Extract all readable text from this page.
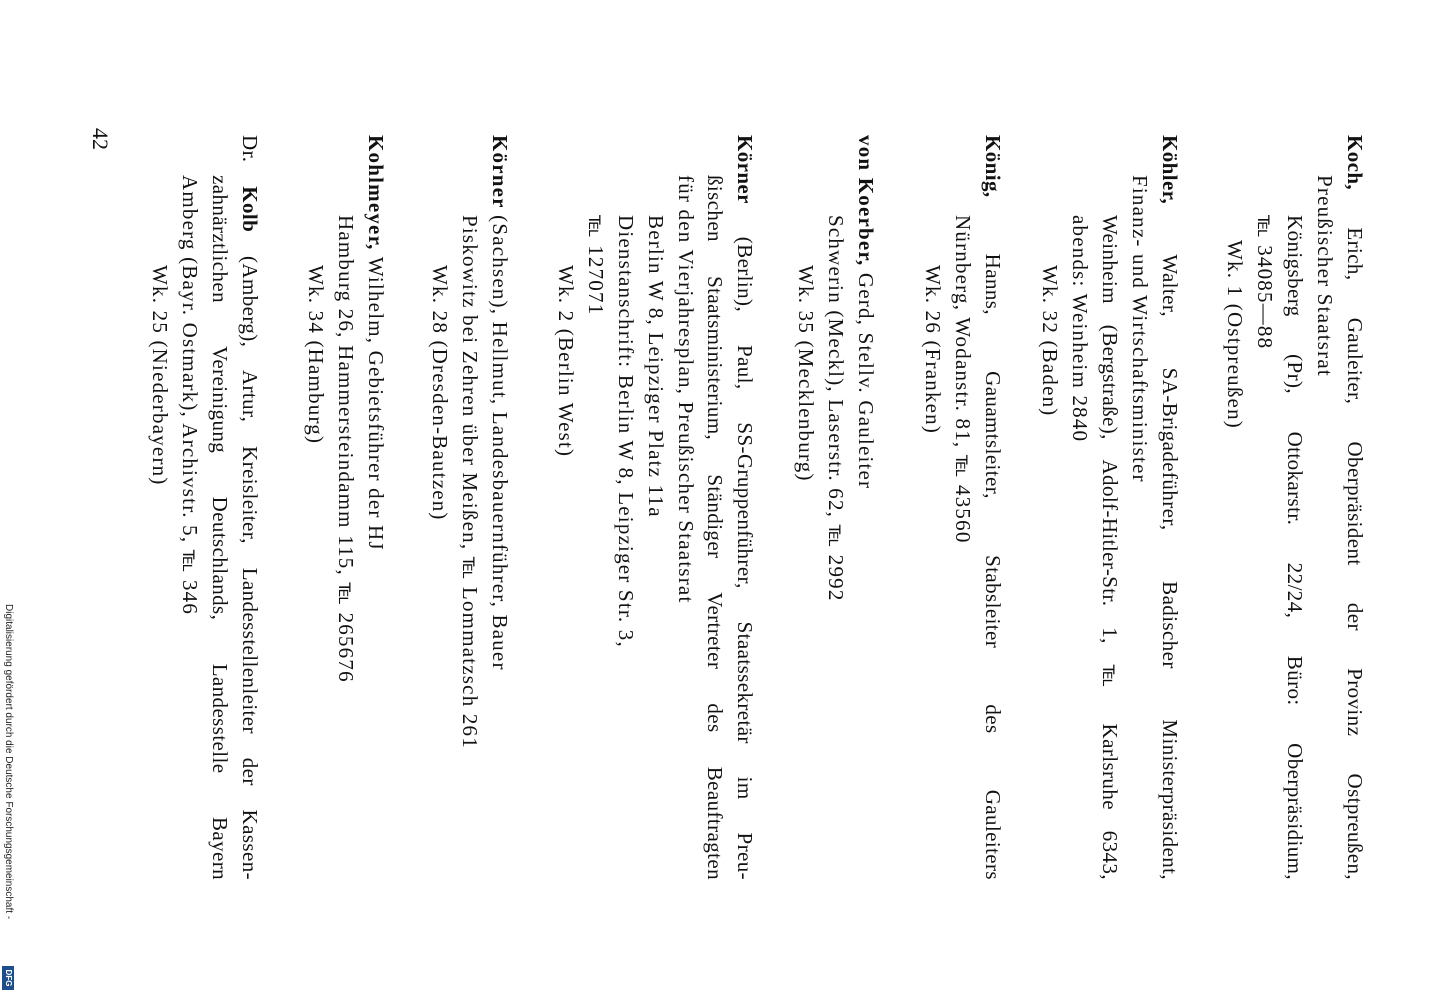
Koch, Erich, Gauleiter, Oberpräsident der Provinz Ostpreußen,
Preußischer Staatsrat
Königsberg (Pr), Ottokarstr. 22/24, Büro: Oberpräsidium,
℡ 34085—88
Wk. 1 (Ostpreußen)
Köhler, Walter, SA-Brigadeführer, Badischer Ministerpräsident,
Finanz- und Wirtschaftsminister
Weinheim (Bergstraße), Adolf-Hitler-Str. 1, ℡ Karlsruhe 6343,
abends: Weinheim 2840
Wk. 32 (Baden)
König, Hanns, Gauamtsleiter, Stabsleiter des Gauleiters
Nürnberg, Wodanstr. 81, ℡ 43560
Wk. 26 (Franken)
von Koerber, Gerd, Stellv. Gauleiter
Schwerin (Meckl), Laserstr. 62, ℡ 2992
Wk. 35 (Mecklenburg)
Körner (Berlin), Paul, SS-Gruppenführer, Staatssekretär im Preu-
ßischen Staatsministerium, Ständiger Vertreter des Beauftragten
für den Vierjahresplan, Preußischer Staatsrat
Berlin W 8, Leipziger Platz 11a
Dienstanschrift: Berlin W 8, Leipziger Str. 3,
℡ 127071
Wk. 2 (Berlin West)
Körner (Sachsen), Hellmut, Landesbauernführer, Bauer
Piskowitz bei Zehren über Meißen, ℡ Lommatzsch 261
Wk. 28 (Dresden-Bautzen)
Kohlmeyer, Wilhelm, Gebietsführer der HJ
Hamburg 26, Hammersteindamm 115, ℡ 265676
Wk. 34 (Hamburg)
Dr. Kolb (Amberg), Artur, Kreisleiter, Landesstellenleiter der Kassen-
zahnärztlichen Vereinigung Deutschlands, Landesstelle Bayern
Amberg (Bayr. Ostmark), Archivstr. 5, ℡ 346
Wk. 25 (Niederbayern)
42
Digitalisierung gefördert durch die Deutsche Forschungsgemeinschaft -
DFG
